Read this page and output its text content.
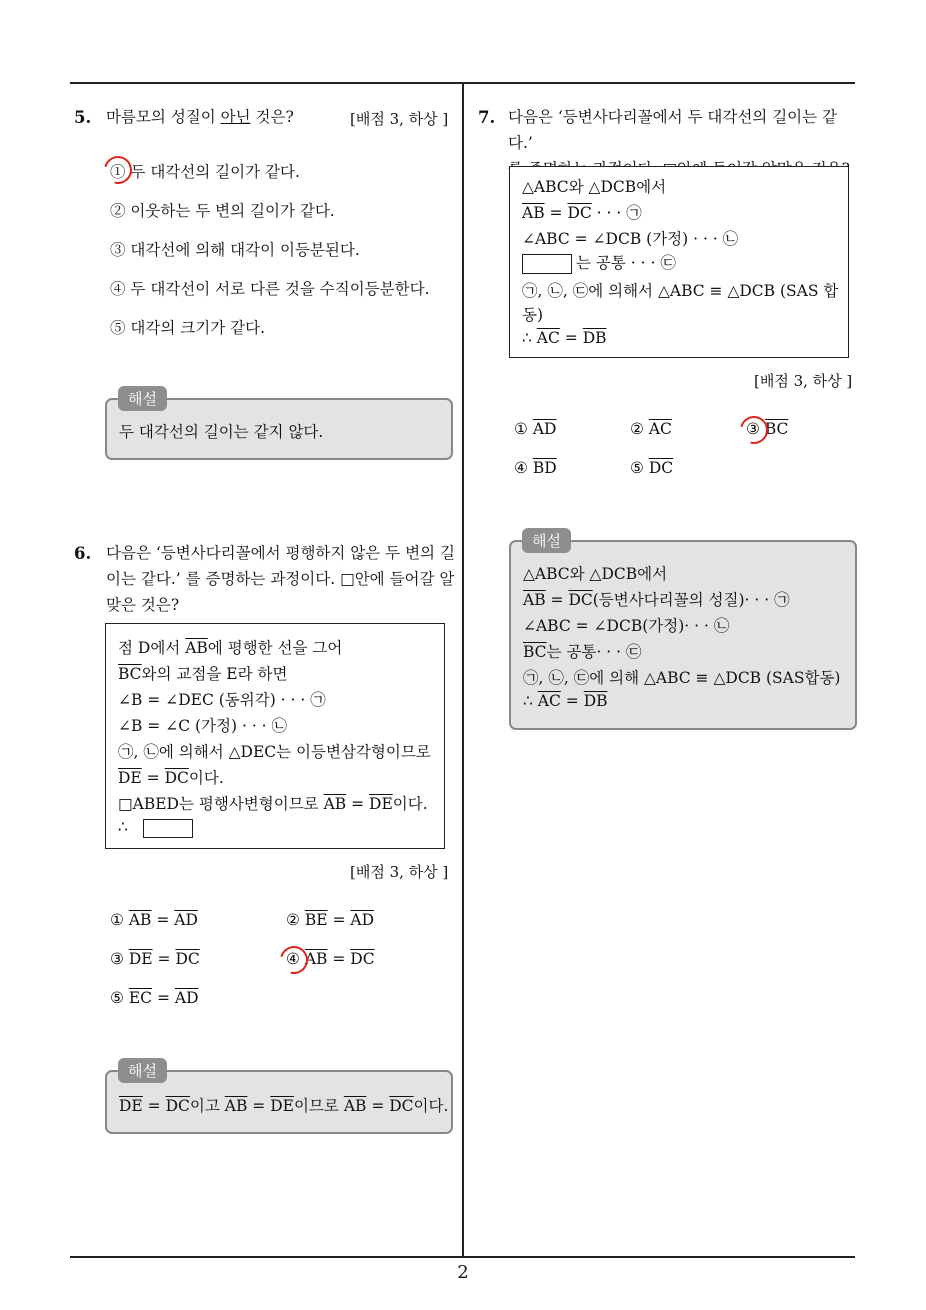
5. 마름모의 성질이 아닌 것은?	[배점 3, 하상 ]
① 두 대각선의 길이가 같다.
② 이웃하는 두 변의 길이가 같다.
③ 대각선에 의해 대각이 이등분된다.
④ 두 대각선이 서로 다른 것을 수직이등분한다.
⑤ 대각의 크기가 같다.
두 대각선의 길이는 같지 않다.
해설
6. 다음은 ‘등변사다리꼴에서 평행하지 않은 두 변의 길
이는 같다.’ 를 증명하는 과정이다. □안에 들어갈 알
맞은 것은?
점 D에서 $\overline{AB}$에 평행한 선을 그어
$\overline{BC}$와의 교점을 E라 하면
∠B = ∠DEC (동위각) · · · ㉠
∠B = ∠C (가정) · · · ㉡
㉠, ㉡에 의해서 △DEC는 이등변삼각형이므로
$\overline{DE} = \overline{DC}$이다.
□ABED는 평행사변형이므로 $\overline{AB} = \overline{DE}$이다.
∴
[배점 3, 하상 ]
① $\overline{AB} = \overline{AD}$	② $\overline{BE} = \overline{AD}$
③ $\overline{DE} = \overline{DC}$	④ $\overline{AB} = \overline{DC}$
⑤ $\overline{EC} = \overline{AD}$
$\overline{DE} = \overline{DC}$이고 $\overline{AB} = \overline{DE}$이므로 $\overline{AB} = \overline{DC}$이다.
해설
7. 다음은 ‘등변사다리꼴에서 두 대각선의 길이는 같다.’
△ABC와 △DCB에서
$\overline{AB} = \overline{DC}$ · · · ㉠
∠ABC = ∠DCB (가정) · · · ㉡
는 공통 · · · ㉢
㉠, ㉡, ㉢에 의해서 △ABC ≡ △DCB (SAS 합
동)
∴ $\overline{AC} = \overline{DB}$
[배점 3, 하상 ]
① $\overline{AD}$	② $\overline{AC}$	③ $\overline{BC}$
④ $\overline{BD}$	⑤ $\overline{DC}$
△ABC와 △DCB에서
$\overline{AB} = \overline{DC}$(등변사다리꼴의 성질)· · · ㉠
∠ABC = ∠DCB(가정)· · · ㉡
$\overline{BC}$는 공통· · · ㉢
㉠, ㉡, ㉢에 의해 △ABC ≡ △DCB (SAS합동)
∴ $\overline{AC} = \overline{DB}$
해설
2
